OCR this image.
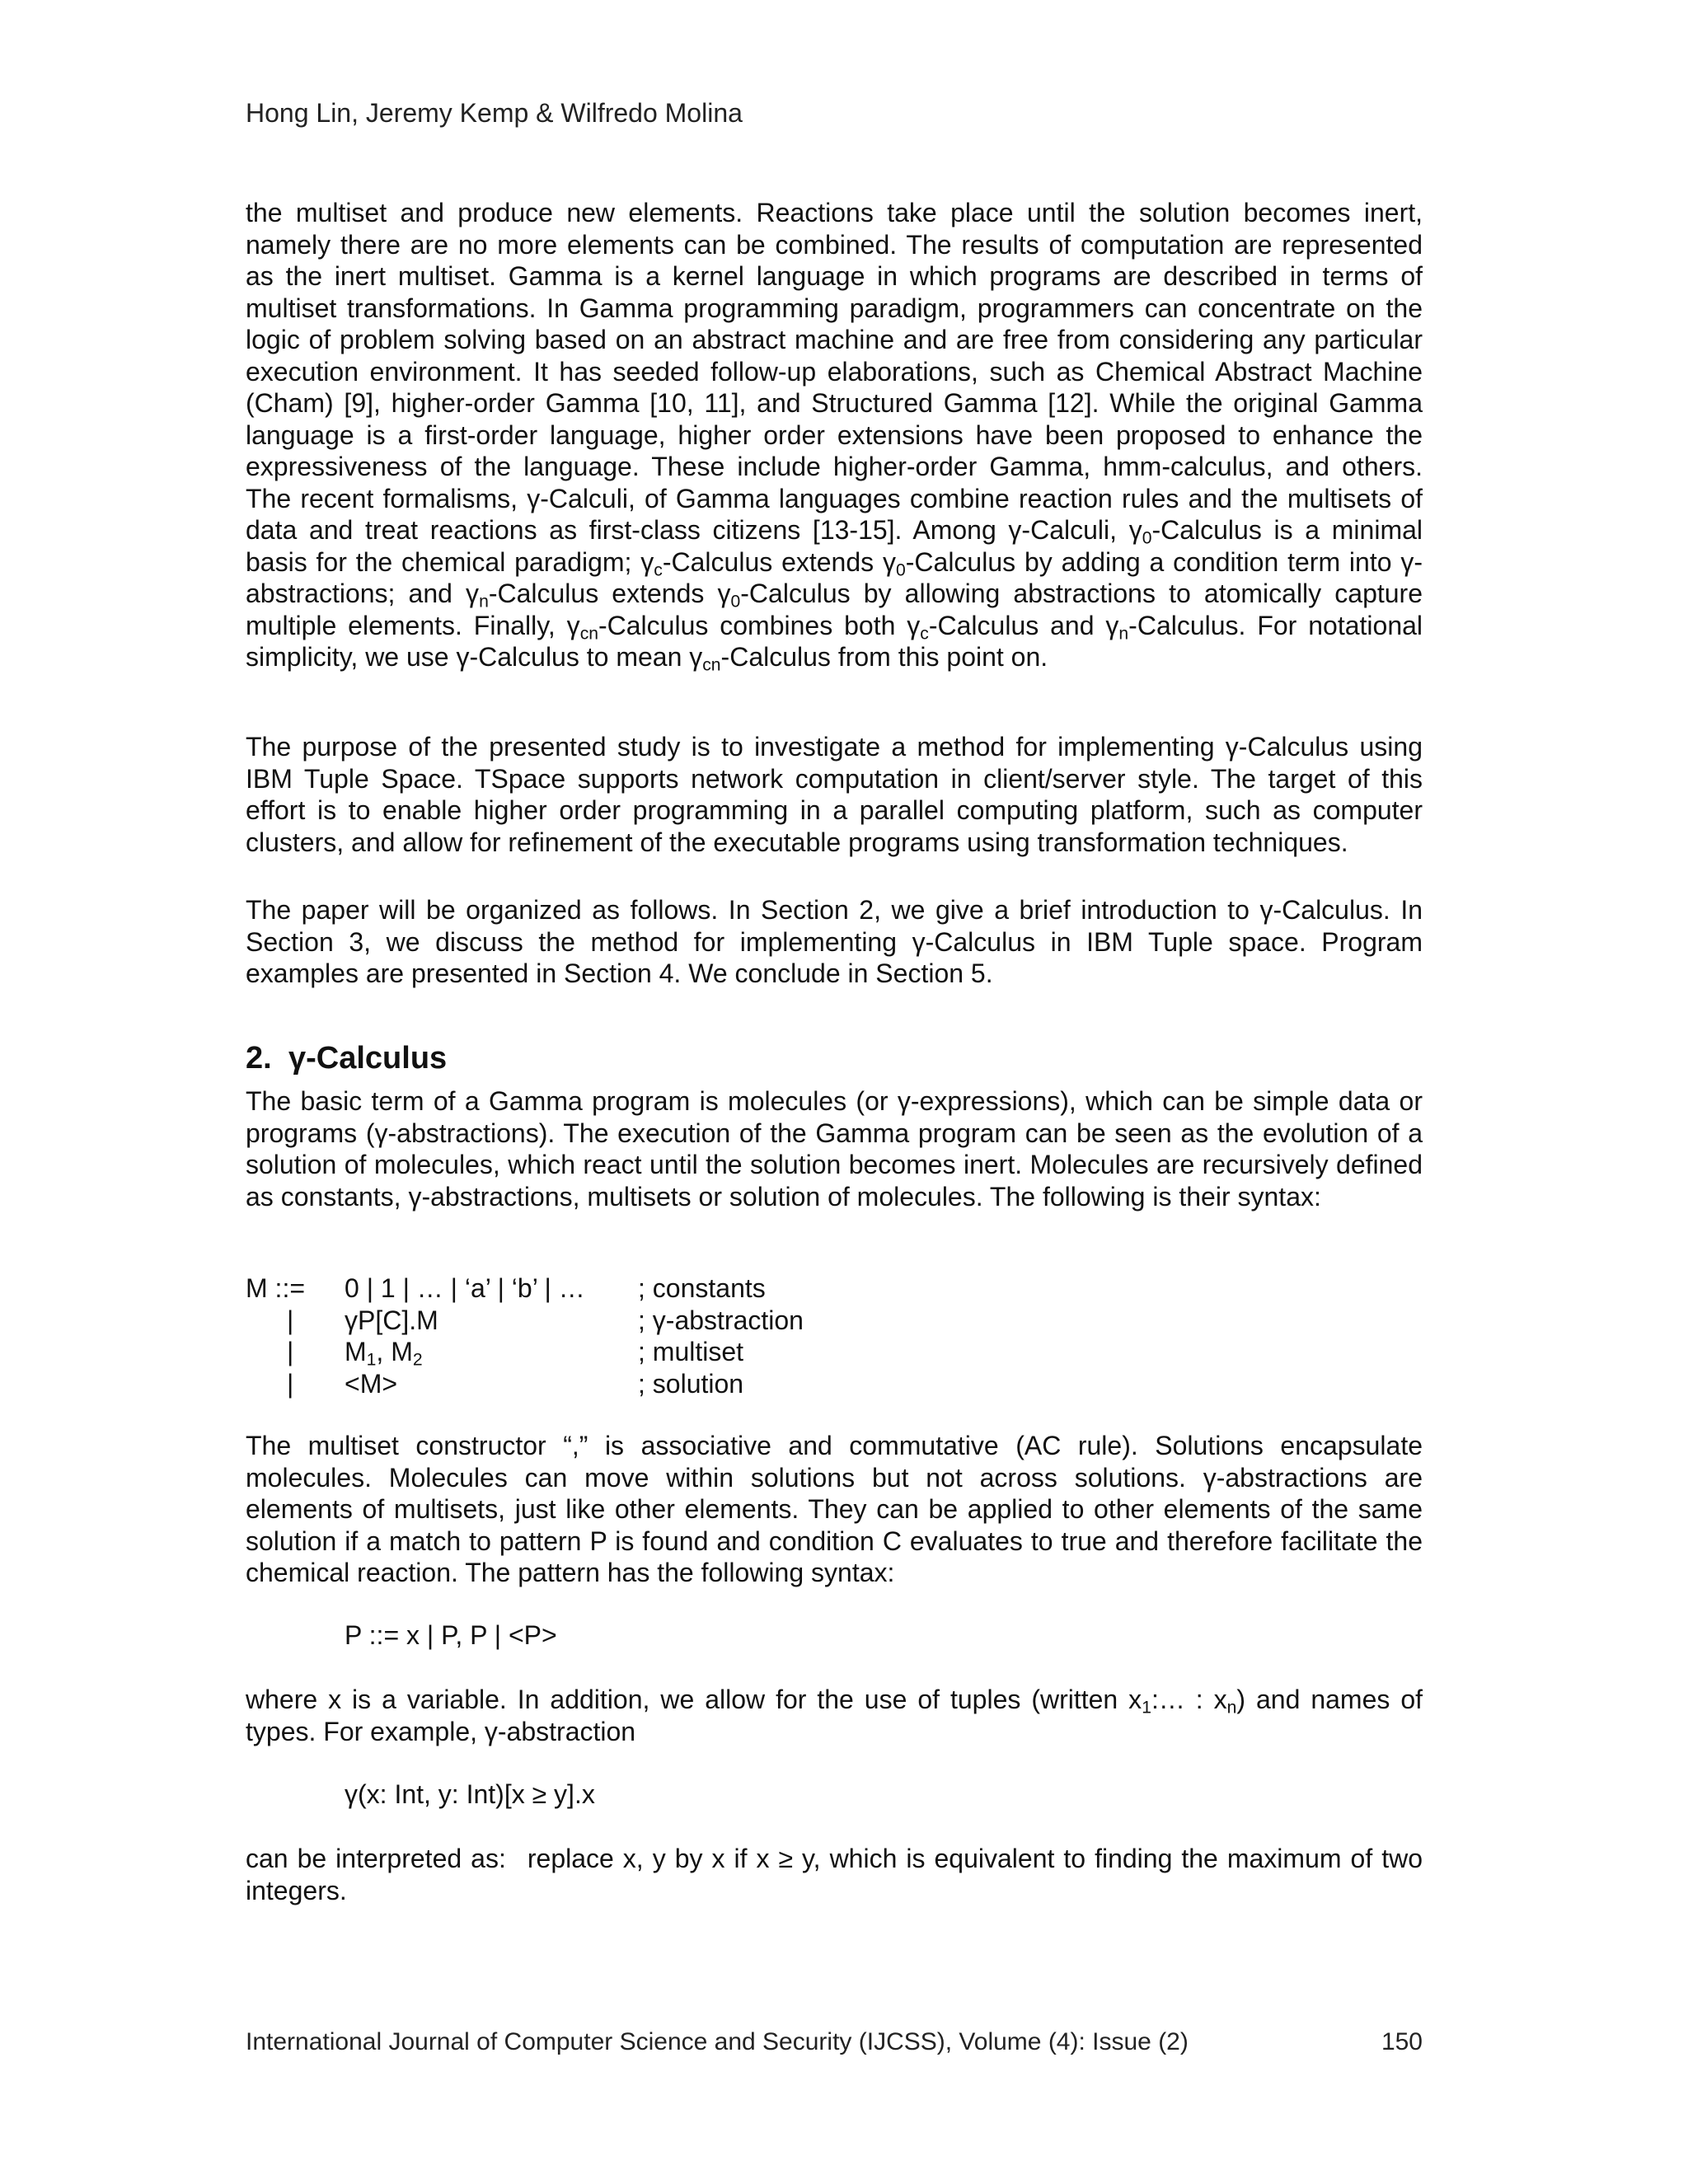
Hong Lin, Jeremy Kemp & Wilfredo Molina

the multiset and produce new elements. Reactions take place until the solution becomes inert, namely there are no more elements can be combined. The results of computation are represented as the inert multiset. Gamma is a kernel language in which programs are described in terms of multiset transformations. In Gamma programming paradigm, programmers can concentrate on the logic of problem solving based on an abstract machine and are free from considering any particular execution environment. It has seeded follow-up elaborations, such as Chemical Abstract Machine (Cham) [9], higher-order Gamma [10, 11], and Structured Gamma [12]. While the original Gamma language is a first-order language, higher order extensions have been proposed to enhance the expressiveness of the language. These include higher-order Gamma, hmm-calculus, and others. The recent formalisms, γ-Calculi, of Gamma languages combine reaction rules and the multisets of data and treat reactions as first-class citizens [13-15]. Among γ-Calculi, $\gamma_0$-Calculus is a minimal basis for the chemical paradigm; $\gamma_c$-Calculus extends $\gamma_0$-Calculus by adding a condition term into γ-abstractions; and $\gamma_n$-Calculus extends $\gamma_0$-Calculus by allowing abstractions to atomically capture multiple elements. Finally, $\gamma_{cn}$-Calculus combines both $\gamma_c$-Calculus and $\gamma_n$-Calculus. For notational simplicity, we use γ-Calculus to mean $\gamma_{cn}$-Calculus from this point on.

The purpose of the presented study is to investigate a method for implementing γ-Calculus using IBM Tuple Space. TSpace supports network computation in client/server style. The target of this effort is to enable higher order programming in a parallel computing platform, such as computer clusters, and allow for refinement of the executable programs using transformation techniques.

The paper will be organized as follows. In Section 2, we give a brief introduction to γ-Calculus. In Section 3, we discuss the method for implementing γ-Calculus in IBM Tuple space. Program examples are presented in Section 4. We conclude in Section 5.

2. γ-Calculus

The basic term of a Gamma program is molecules (or γ-expressions), which can be simple data or programs (γ-abstractions). The execution of the Gamma program can be seen as the evolution of a solution of molecules, which react until the solution becomes inert. Molecules are recursively defined as constants, γ-abstractions, multisets or solution of molecules. The following is their syntax:

M ::=	0 | 1 | … | ‘a’ | ‘b’ | … ; constants
| γP[C].M	; γ-abstraction
| $M_1$, $M_2$	; multiset
| <M>	; solution

The multiset constructor “,” is associative and commutative (AC rule). Solutions encapsulate molecules. Molecules can move within solutions but not across solutions. γ-abstractions are elements of multisets, just like other elements. They can be applied to other elements of the same solution if a match to pattern P is found and condition C evaluates to true and therefore facilitate the chemical reaction. The pattern has the following syntax:

P ::= x | P, P | <P>

where x is a variable. In addition, we allow for the use of tuples (written $x_1:\dots$ : $x_n$) and names of types. For example, γ-abstraction

γ(x: Int, y: Int)[x ≥ y].x

can be interpreted as: replace x, y by x if x ≥ y, which is equivalent to finding the maximum of two integers.

International Journal of Computer Science and Security (IJCSS), Volume (4): Issue (2)	150
